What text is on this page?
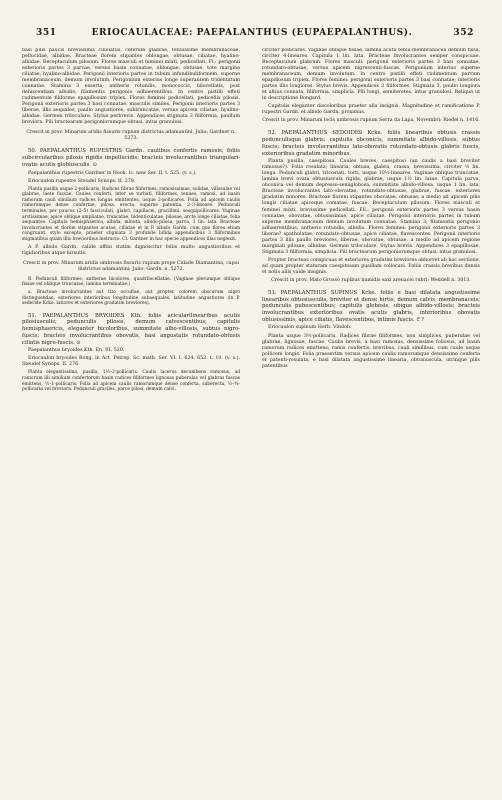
351	ERIOCAULACEAE: PAEPALANTHUS (EUPAEPALANTHUS).	352

basi pilis paucis brevissimis cilioiatus, ceterum glabrae, tenuissime membranaceae, pellucidae, albidae. Bracteae florem stipantes oblongae, obtusae, ciliatae, hyalino-albidae. Receptaculum pilosum. Flores masculi et feminei mixti, pedicellati. Fl.: perigonii exterioris partes 3 parvae, versus basin connatae, oblongae, obtusae, tote margine ciliatae, hyalino-albidae. Perigonii interioris partes in tubum infundibuliformem, superne membranaceum, demum involutum. Perigonium exterius longe superantem tridentatum connatae. Stamina 3 exserta; antheris rotundis, monococcis, bilocellatis, post dehiscentiam albidis; filamentis perigonio adhaerentibus. In centro pistilli effeti rudimentum filiforme epapillosum triplex. Flores feminei pedicellati, pedicellis pilosis. Perigonii exterioris partes 3 basi connatae, masculis similes. Perigonii interioris partes 3 liberae, illis aequales, paullo angustiores, subtruncatae, versus apicem ciliatae, hyalino-albidae. Germen triloculare. Stylus perbrevis. Appendices stigmata 3 filiformia, paullum breviora. Pili bractearum perigoniorumque obtusi, intus granulosi.

Crescit in prov. Minarum aridis fissuris rupium districtus adamantini, Julio: Gardner n. 5273.

50. PAEPALANTHUS RUPESTRIS Gardn. caulibus confertis ramosis; foliis subcircularibus pilosis rigidis impellucidis; bracteis involucrantibus triangulari-ovatis acutis globiusculis. ⊙

Paepalanthus rupestris Gardner in Hook. Ic. new Ser. II. t. 525. (v. s.).

Eriocaulon rupestre Steudel Synops. II. 278.

Planta pusilla usque 2-pollicaris. Radices fibrae filiformes, ramosissimae, solidae, villosulae vel glabrae, laete fuscae. Caules conferti, inter se turbati, filiformes, tenues, ramosi, ad basin ramorum cauli similium radices longas emittentes, usque 2-pollicares. Folia ad apicem caulis ramorumque dense confertae, pilosa, erecta, superne patentia, 2–3-lineare. Pedunculi terminales, per paucos (2–5) fasciculati, glabri, capillacei, gracillimi, sesquipollicares. Vaginae arctissimae, apice oblique ampliatae, truncatae, bidenticulatae, pilosae, arcte longe ciliatae, folia aequantes. Capitula hemisphaerica, albida, minuta, albido-pilosa, parva, 1 lin. lata. Bracteae involucrantes et florem stipantes acutae, ciliatae et in P. albido Gardn. cum quo flores etiam congruunt, stylo excepto, praeter stigmata 3 profunde bifida appendicibus 3 filiformibus stigmatibus quam illis brevioribus instructo. Cl. Gardner in hac specie appendices illas neglexit.

A P. albido Gardn. calide affini statim dignoscitur foliis multo angustioribus et rigidioribus atque hirsutis.

Crescit in prov. Minarum aridis umbrosis fissuris rupium prope Cidade Diamantina, capoi districtus adamantini; Julio: Gardn. n. 5272.

B. Pedunculi filiformes; antherae bicolores, quadrilocellatae. (Vaginae plerumque oblique fissae vel oblique truncatae, lamina terminatae.)

a. Bracteae involucrantes aut tito occultae, aut propter colorem obscurum nigro distinguendae, exteriores interioribus longitudine subaequales, latitudine angustiores (in P. sederide Kcke. latiores et exteriores gradatim breviores).

51. PAEPALANTHUS BRYOIDES Kth. foliis acicularilinearibus acutis pilosiusculis; pedunculis pilosis, demum calvescentibus; capitulis hemisphaericis, eleganter bicoloribus, summitate albo-villosis, subtus nigro-fuscis; bracteis involucrantibus obovatis, basi angustatis rotundato-obtusis ciliatis nigro-fuscis. ⊙

Paepalanthus bryoides Kth. En. III. 520.

Eriocaulon bryoides Bong. in Act. Petrop. Sc. math. Ser. VI. I. 624. 652. t. 10. (v. s.). Steudel Synops. II. 276.

Planta elegantissima, pusilla, 1½–2-pollicaris. Caulis lacerus decumbens ramosus, ad ramorum illi similium confertorum basin radices filiformes lignosas puberulas vel glabras fuscas emittens, ½–1-pollicaris. Folia ad apicem caulis ramorumque dense conferta, suberecta, ½–¾-pollicaria vel breviora. Pedunculi graciles, parce pilosi, demum calvi,

circiter pollicares. Vaginae oblique fissae, lamina acuta tenui-membranacea demum fissa, circiter 4-lineares. Capitula 1 lin. lata. Bracteae involucrantes semper conspicuae. Receptaculum glabrum. Flores masculi: perigonii exterioris partes 3 basi connatae, rotundato-obtusae, versus apicem nigrescenti-fuscae. Perigonium interius superne membranaceum, demum involutum. In centro pistilli effeti rudimentum parvum epapillosum triplex. Flores feminei: perigonii exterioris partes 3 basi connatae; interioris partes illis longiores. Stylus brevis. Appendices 3 filiformes. Stigmata 3, paullo longiora et altius connata, filiformia, simplicia. Pili longi, semiteretes, intus granulosi. Reliqua ut in descriptione Bongard.

Capitulis eleganter discoloribus praeter alia insignis. Magnitudine et ramificatione P. rupestri Gardn. et albido Gardn. proximus.

Crescit in prov. Minarum locis umbrosis rupium Serra da Lapa, Novembri: Riedel n. 1416.

52. PAEPALANTHUS SEDOIDES Kcke. foliis linearibus obtusis crassis pedunculisque glabris; capitulis obconicis, summitate albido-villosis, subtus fuscis; bracteis involucrantibus lato-obovatis rotundato-obtusis glabris fuscis, exterioribus gradatim minoribus.

Planta pusilla, caespitosa. Caules breves, caespitosi (an caulis a basi breviter ramosus?). Folia rosulata, linearia, obtusa, glabra, crassa, brevissima, circiter ½ lin. longa. Pedunculi glabri, tricostati, torti, usque 10½-lineares. Vaginae oblique truncatae, lamina brevi ovata obtusiuscula rigida, glabrae, usque 1½ lin. latae. Capitula parva, obconica vel demum depresso-semiglobosa, summitate albido-villosa, usque 1 lin. lata. Bracteae involucrantes lato-obovatae, rotundato-obtusae, glabrae, fuscae, exteriores gradatim minores. Bracteae florem stipantes obovatae, obtusae, a medio ad apicem pilis longis ciliatae apiceque comatae, fuscae. Receptaculum pilosum. Flores masculi et feminei mixti, brevissime pedicellati. Fll.: perigonii exterioris partes 3 versus basin connatae, obovatae, obtusissimae, apice ciliatae. Perigonii interioris partes in tubum superne membranaceum demum involutum connatae. Stamina 3; filamentis perigonio adhaerentibus; antheris rotundis, albidis. Flores feminei: perigonii exterioris partes 3 liberae? spathulatae, rotundato-obtusae, apice ciliatae, flavescentes. Perigonii interioris partes 3 illis paullo breviores, liberae, obovatae, obtusae, a medio ad apicem regione marginali pilosae, albidae. Germen triloculare. Stylus brevis. Appendices 3 epapillosae. Stigmata 3 filiformia, simplicia. Pili bractearum perigoniorumque obtusi, intus granulosi.

Propter bracteas conspicuas et exteriores gradatim breviores abhorret ab hac sectione, ad quam propter staturam caespitosam pusillam collocavi. Foliis crassis brevibus densis et notis aliis valde insignis.

Crescit in prov. Mato Grosso rupibus humidis saxi arenacei rubri: Weddell n. 3013.

53. PAEPALANTHUS SUPINUS Kcke. foliis e basi dilatata angustissime linearibus obtusiusculis, breviter et dense hirtis, demum calvis, membranaceis; pedunculis pubescentibus; capitulis globosis, ubique albido-villosis; bracteis involucrantibus exterioribus ovatis acutis glabris, interioribus obovatis obtusissimis, apice ciliatis, flavescentibus, intimis fuscis. ♇?

Eriocaulon supinum Herb. Vindob.

Planta usque 3½-pollicaris. Radices fibrae filiformes, non simplices, puberulae vel glabrae, lignosae, fuscae. Caulis brevis, a basi ramosus, densissime foliosus, ad basin ramorum radices emittens; ramis confertis, brevibus, cauli similibus, cum caule usque pollicem longis. Folia praesertim versus apicem caulis ramorumque densissime conferta et patenti-rosulata, e basi dilatata angustissime linearia, obtusiuscula, utrinque pilis patentibus
